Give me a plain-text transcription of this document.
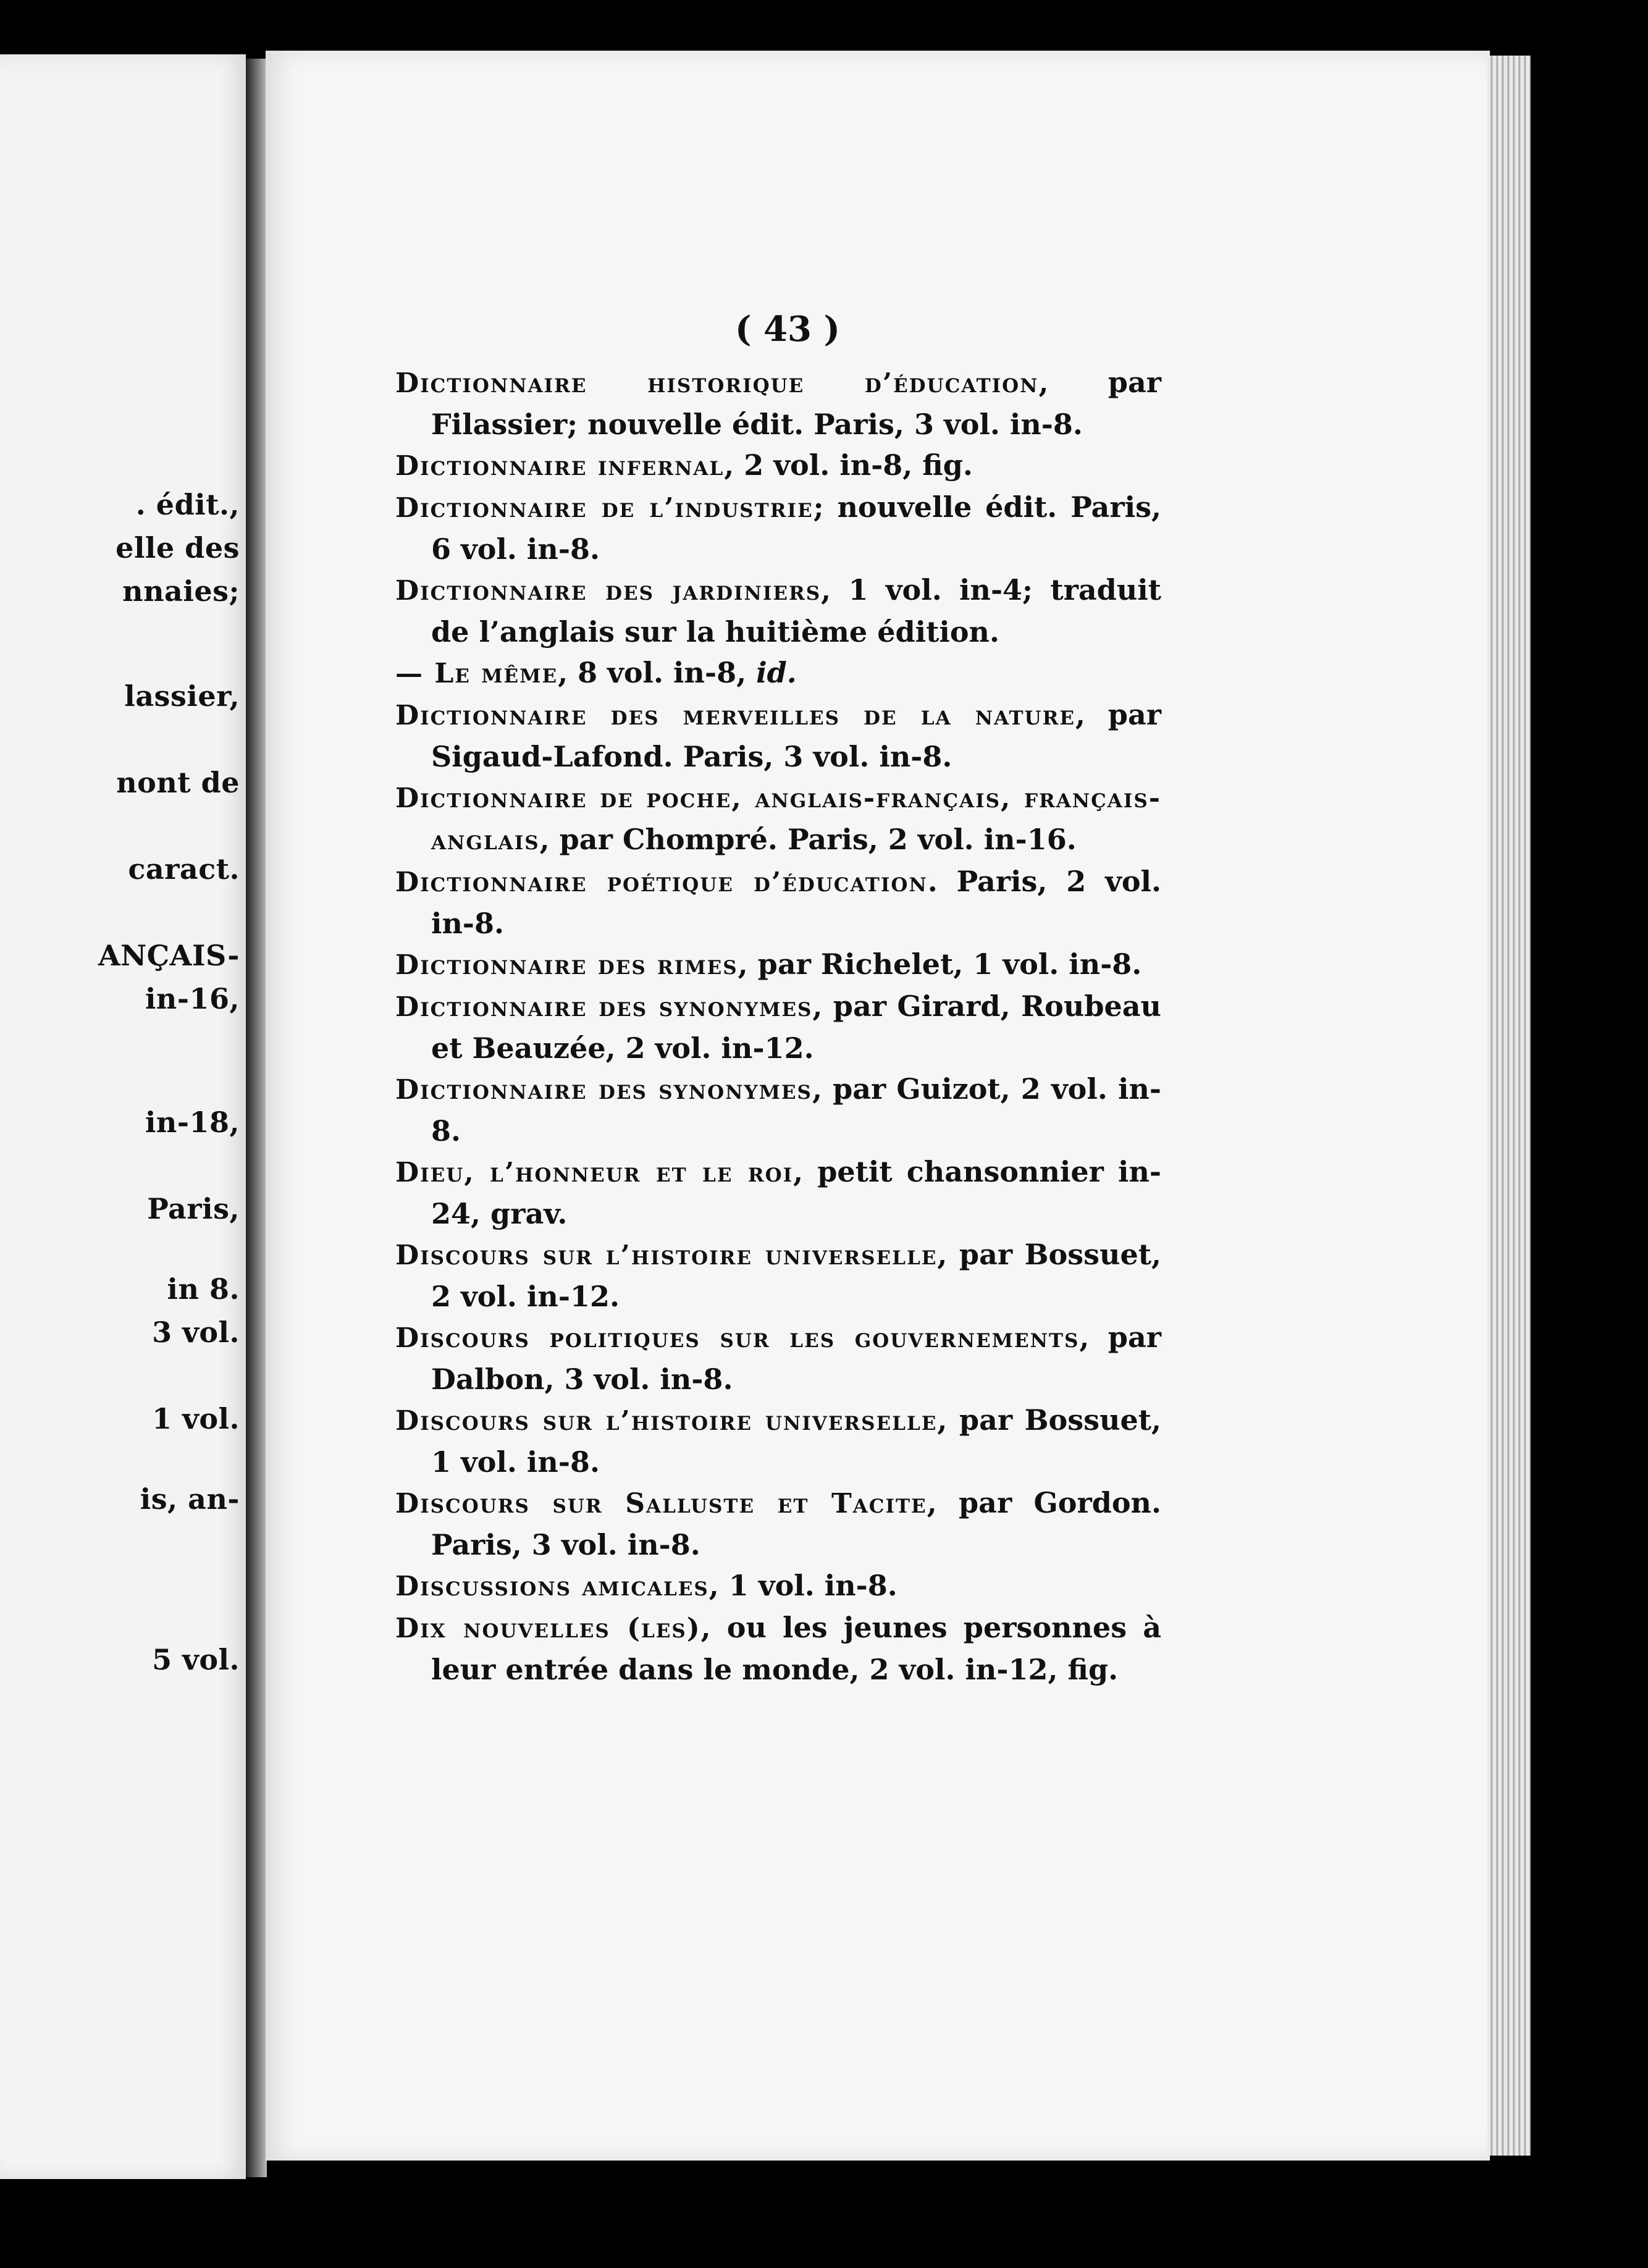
. édit.,
elle des
nnaies;
lassier,
nont de
caract.
ANÇAIS-
in-16,
in-18,
Paris,
in 8.
3 vol.
1 vol.
is, an-
5 vol.
( 43 )

Dictionnaire historique d’éducation, par Filassier; nouvelle édit. Paris, 3 vol. in-8.

Dictionnaire infernal, 2 vol. in-8, fig.

Dictionnaire de l’industrie; nouvelle édit. Paris, 6 vol. in-8.

Dictionnaire des jardiniers, 1 vol. in-4; traduit de l’anglais sur la huitième édition.

— Le même, 8 vol. in-8, id.

Dictionnaire des merveilles de la nature, par Sigaud-Lafond. Paris, 3 vol. in-8.

Dictionnaire de poche, anglais-français, français-anglais, par Chompré. Paris, 2 vol. in-16.

Dictionnaire poétique d’éducation. Paris, 2 vol. in-8.

Dictionnaire des rimes, par Richelet, 1 vol. in-8.

Dictionnaire des synonymes, par Girard, Roubeau et Beauzée, 2 vol. in-12.

Dictionnaire des synonymes, par Guizot, 2 vol. in-8.

Dieu, l’honneur et le roi, petit chansonnier in-24, grav.

Discours sur l’histoire universelle, par Bossuet, 2 vol. in-12.

Discours politiques sur les gouvernements, par Dalbon, 3 vol. in-8.

Discours sur l’histoire universelle, par Bossuet, 1 vol. in-8.

Discours sur Salluste et Tacite, par Gordon. Paris, 3 vol. in-8.

Discussions amicales, 1 vol. in-8.

Dix nouvelles (les), ou les jeunes personnes à leur entrée dans le monde, 2 vol. in-12, fig.
